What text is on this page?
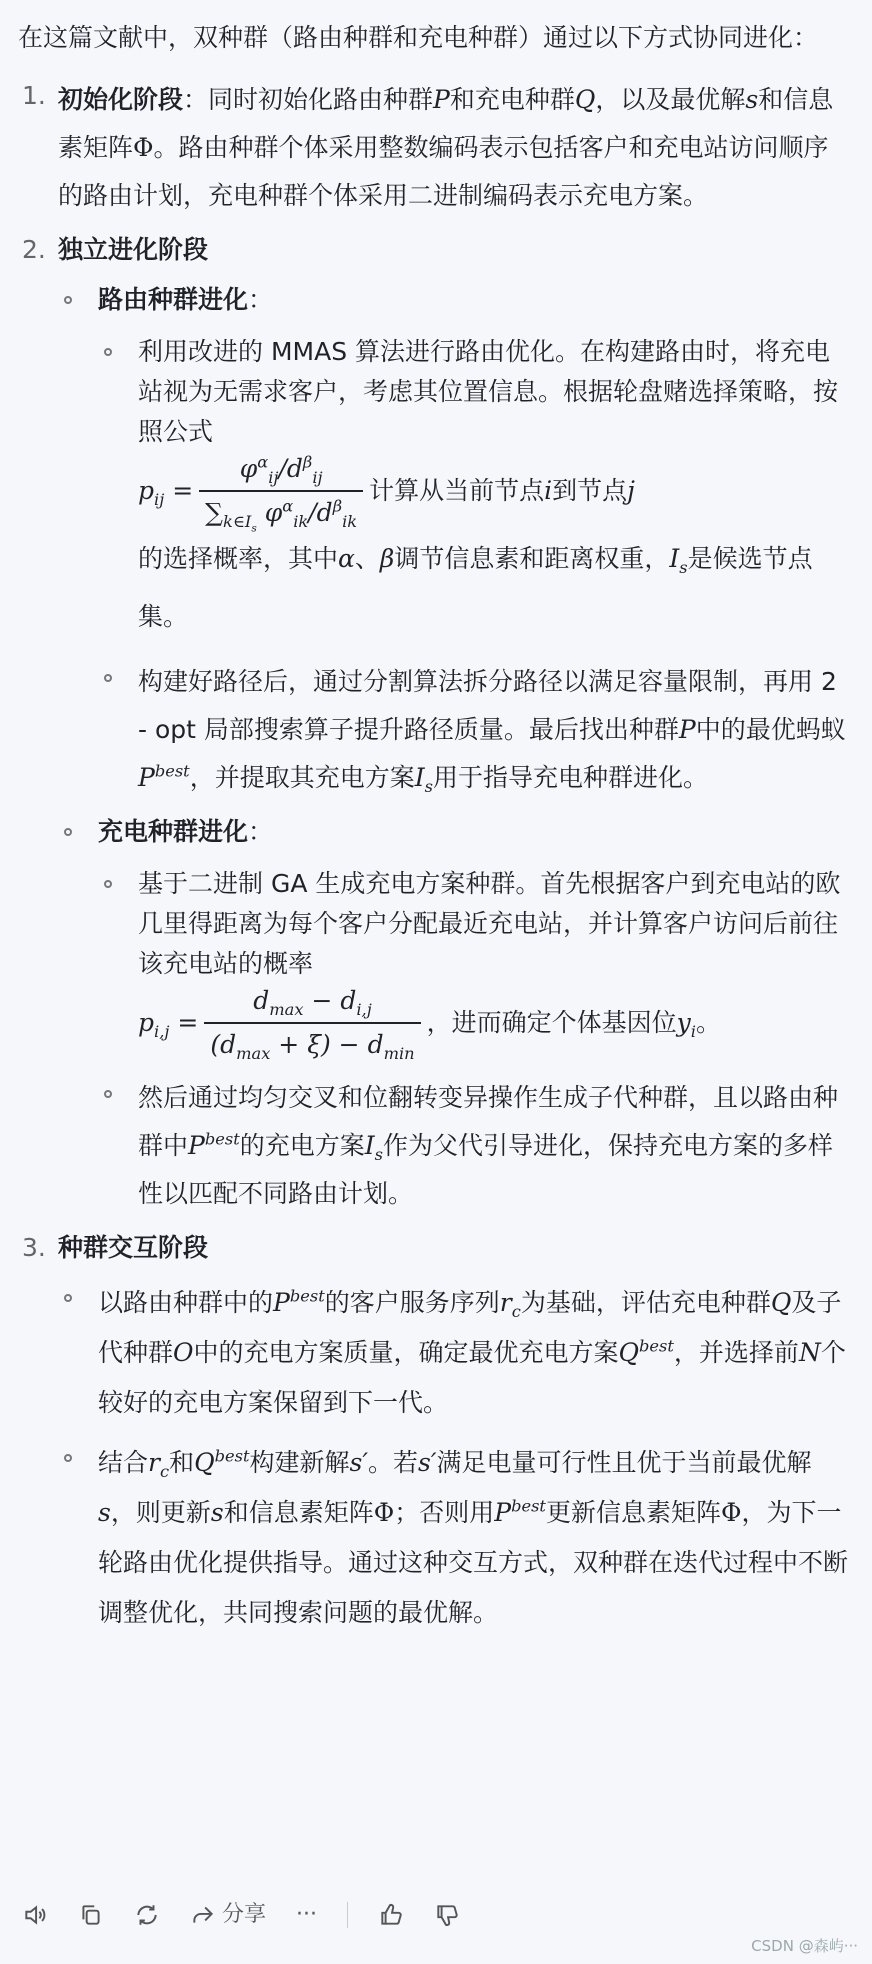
在这篇文献中，双种群（路由种群和充电种群）通过以下方式协同进化：

1. 初始化阶段：同时初始化路由种群P和充电种群Q，以及最优解s和信息素矩阵Φ。路由种群个体采用整数编码表示包括客户和充电站访问顺序的路由计划，充电种群个体采用二进制编码表示充电方案。

2. 独立进化阶段

路由种群进化：

利用改进的 MMAS 算法进行路由优化。在构建路由时，将充电站视为无需求客户，考虑其位置信息。根据轮盘赌选择策略，按照公式
$p_{ij}$
= $\frac{\varphi^\alpha_{ij}/d^\beta_{ij}}{\sum_{k\in I_s} \varphi^\alpha_{ik}/d^\beta_{ik}}$ 计算从当前节点 i 到节点 j

的选择概率，其中α、β调节信息素和距离权重，$I_s$是候选节点集。

构建好路径后，通过分割算法拆分路径以满足容量限制，再用 2 - opt 局部搜索算子提升路径质量。最后找出种群P中的最优蚂蚁$P^{best}$，并提取其充电方案$I_s$用于指导充电种群进化。

充电种群进化：

基于二进制 GA 生成充电方案种群。首先根据客户到充电站的欧几里得距离为每个客户分配最近充电站，并计算客户访问后前往该充电站的概率
$p_{i,j}$
= $\frac{d_{max} - d_{i,j}}{(d_{max} + \xi) - d_{min}}$ ，进而确定个体基因位 $y_i$ 。

然后通过均匀交叉和位翻转变异操作生成子代种群，且以路由种群中$P^{best}$的充电方案$I_s$作为父代引导进化，保持充电方案的多样性以匹配不同路由计划。

3. 种群交互阶段

以路由种群中的$P^{best}$的客户服务序列$r_c$为基础，评估充电种群Q及子代种群O中的充电方案质量，确定最优充电方案$Q^{best}$，并选择前N个较好的充电方案保留到下一代。

结合$r_c$和$Q^{best}$构建新解s′。若s′满足电量可行性且优于当前最优解s，则更新s和信息素矩阵Φ；否则用$P^{best}$更新信息素矩阵Φ，为下一轮路由优化提供指导。通过这种交互方式，双种群在迭代过程中不断调整优化，共同搜索问题的最优解。

分享 ···
CSDN @森屿···
